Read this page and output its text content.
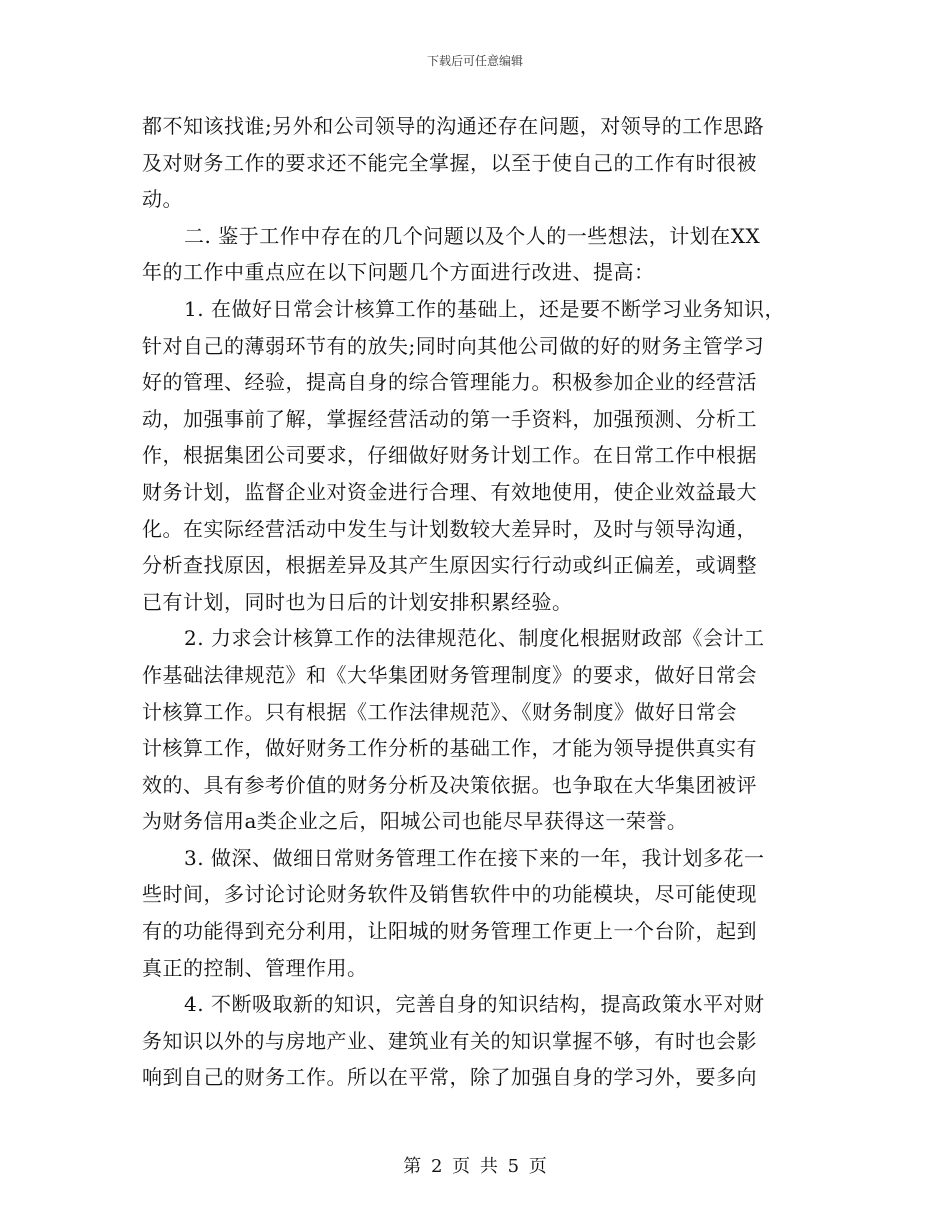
下载后可任意编辑
都不知该找谁;另外和公司领导的沟通还存在问题，对领导的工作思路
及对财务工作的要求还不能完全掌握，以至于使自己的工作有时很被
动。
二. 鉴于工作中存在的几个问题以及个人的一些想法，计划在XX
年的工作中重点应在以下问题几个方面进行改进、提高：
1. 在做好日常会计核算工作的基础上，还是要不断学习业务知识，
针对自己的薄弱环节有的放失;同时向其他公司做的好的财务主管学习
好的管理、经验，提高自身的综合管理能力。积极参加企业的经营活
动，加强事前了解，掌握经营活动的第一手资料，加强预测、分析工
作，根据集团公司要求，仔细做好财务计划工作。在日常工作中根据
财务计划，监督企业对资金进行合理、有效地使用，使企业效益最大
化。在实际经营活动中发生与计划数较大差异时，及时与领导沟通，
分析查找原因，根据差异及其产生原因实行行动或纠正偏差，或调整
已有计划，同时也为日后的计划安排积累经验。
2. 力求会计核算工作的法律规范化、制度化根据财政部《会计工
作基础法律规范》和《大华集团财务管理制度》的要求，做好日常会
计核算工作。只有根据《工作法律规范》、《财务制度》做好日常会
计核算工作，做好财务工作分析的基础工作，才能为领导提供真实有
效的、具有参考价值的财务分析及决策依据。也争取在大华集团被评
为财务信用a类企业之后，阳城公司也能尽早获得这一荣誉。
3. 做深、做细日常财务管理工作在接下来的一年，我计划多花一
些时间，多讨论讨论财务软件及销售软件中的功能模块，尽可能使现
有的功能得到充分利用，让阳城的财务管理工作更上一个台阶，起到
真正的控制、管理作用。
4. 不断吸取新的知识，完善自身的知识结构，提高政策水平对财
务知识以外的与房地产业、建筑业有关的知识掌握不够，有时也会影
响到自己的财务工作。所以在平常，除了加强自身的学习外，要多向
第 2 页 共 5 页
